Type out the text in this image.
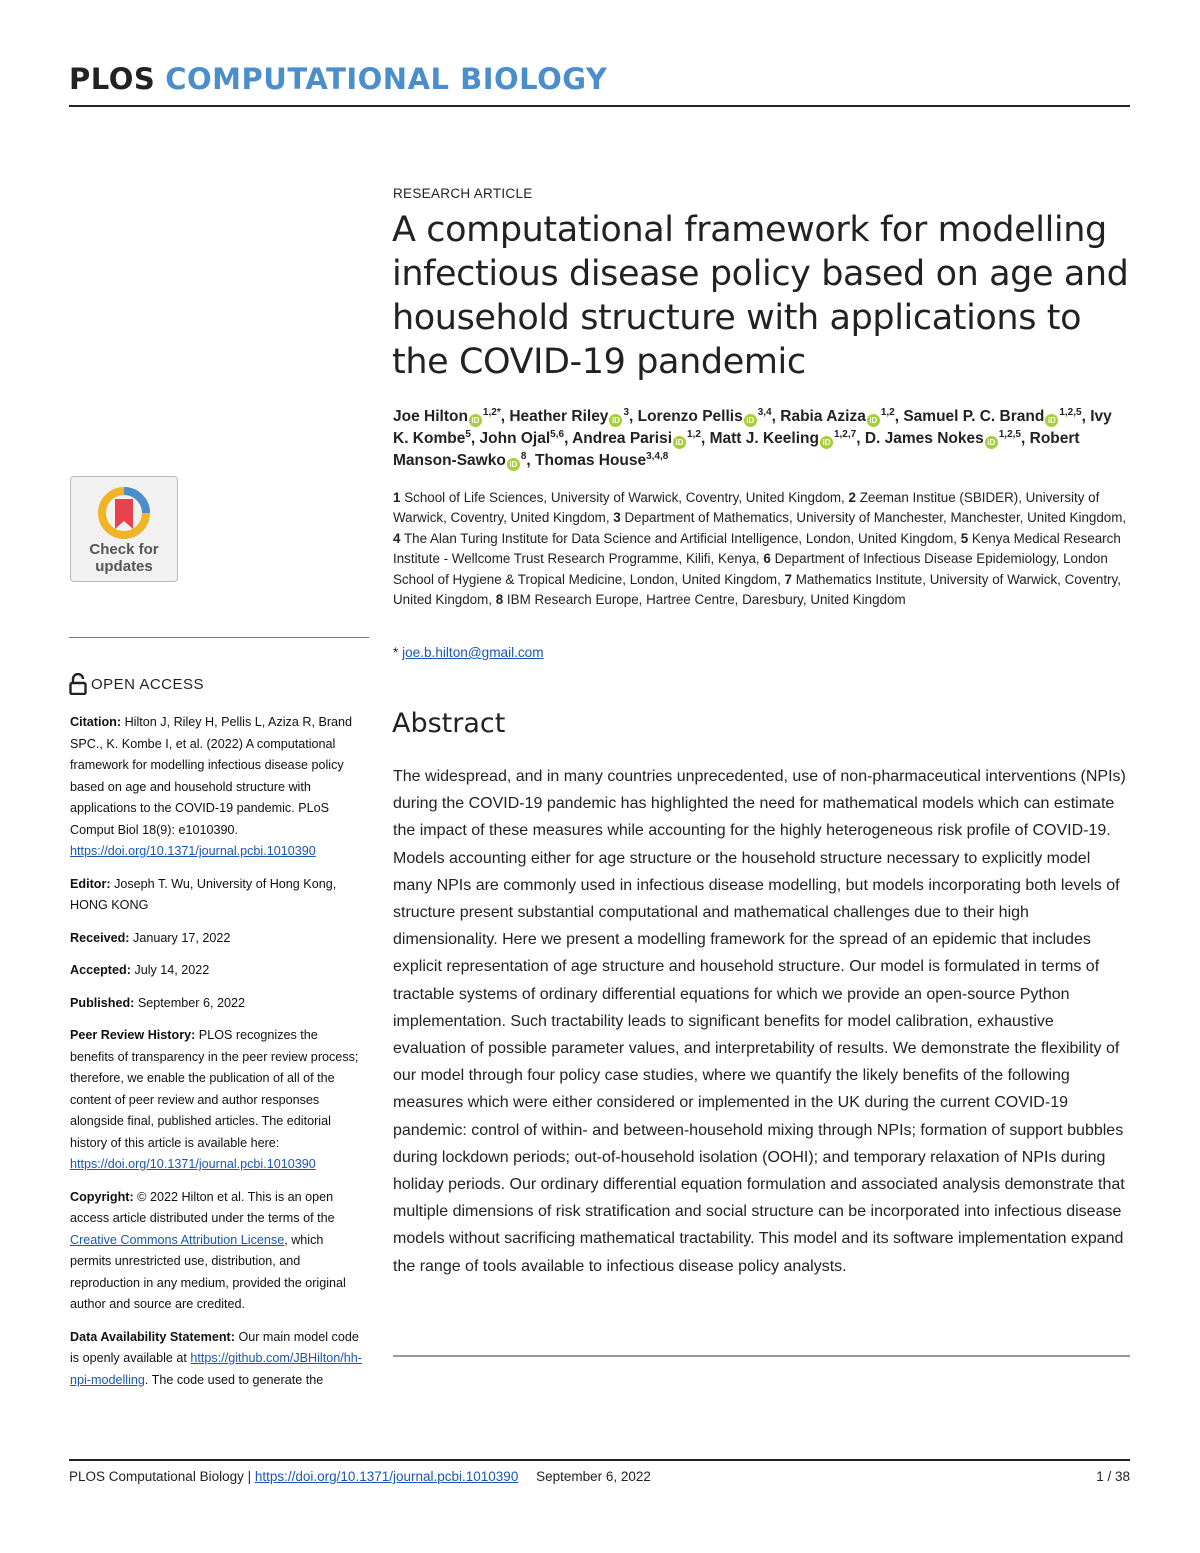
PLOS COMPUTATIONAL BIOLOGY
Check for
updates
OPEN ACCESS

Citation: Hilton J, Riley H, Pellis L, Aziza R, Brand SPC., K. Kombe I, et al. (2022) A computational framework for modelling infectious disease policy based on age and household structure with applications to the COVID-19 pandemic. PLoS Comput Biol 18(9): e1010390. https://doi.org/10.1371/journal.pcbi.1010390

Editor: Joseph T. Wu, University of Hong Kong, HONG KONG

Received: January 17, 2022

Accepted: July 14, 2022

Published: September 6, 2022

Peer Review History: PLOS recognizes the benefits of transparency in the peer review process; therefore, we enable the publication of all of the content of peer review and author responses alongside final, published articles. The editorial history of this article is available here: https://doi.org/10.1371/journal.pcbi.1010390

Copyright: © 2022 Hilton et al. This is an open access article distributed under the terms of the Creative Commons Attribution License, which permits unrestricted use, distribution, and reproduction in any medium, provided the original author and source are credited.

Data Availability Statement: Our main model code is openly available at https://github.com/JBHilton/hh-npi-modelling. The code used to generate the

RESEARCH ARTICLE
A computational framework for modelling infectious disease policy based on age and household structure with applications to the COVID-19 pandemic
Joe Hilton $iD^{1,2*}$, Heather Riley $iD^3$, Lorenzo Pellis iD$^{3,4}$, Rabia Aziza iD$^{1,2}$, Samuel P. C. Brand iD$^{1,2,5}$, Ivy K. Kombe$^5$, John Ojal$^{5,6}$, Andrea Parisi iD$^{1,2}$, Matt J. Keeling iD$^{1,2,7}$, D. James Nokes iD$^{1,2,5}$, Robert Manson-Sawko $iD^8$, Thomas House$^{3,4,8}$
1 School of Life Sciences, University of Warwick, Coventry, United Kingdom, 2 Zeeman Institue (SBIDER), University of Warwick, Coventry, United Kingdom, 3 Department of Mathematics, University of Manchester, Manchester, United Kingdom, 4 The Alan Turing Institute for Data Science and Artificial Intelligence, London, United Kingdom, 5 Kenya Medical Research Institute - Wellcome Trust Research Programme, Kilifi, Kenya, 6 Department of Infectious Disease Epidemiology, London School of Hygiene & Tropical Medicine, London, United Kingdom, 7 Mathematics Institute, University of Warwick, Coventry, United Kingdom, 8 IBM Research Europe, Hartree Centre, Daresbury, United Kingdom
* joe.b.hilton@gmail.com
Abstract

The widespread, and in many countries unprecedented, use of non-pharmaceutical interventions (NPIs) during the COVID-19 pandemic has highlighted the need for mathematical models which can estimate the impact of these measures while accounting for the highly heterogeneous risk profile of COVID-19. Models accounting either for age structure or the household structure necessary to explicitly model many NPIs are commonly used in infectious disease modelling, but models incorporating both levels of structure present substantial computational and mathematical challenges due to their high dimensionality. Here we present a modelling framework for the spread of an epidemic that includes explicit representation of age structure and household structure. Our model is formulated in terms of tractable systems of ordinary differential equations for which we provide an open-source Python implementation. Such tractability leads to significant benefits for model calibration, exhaustive evaluation of possible parameter values, and interpretability of results. We demonstrate the flexibility of our model through four policy case studies, where we quantify the likely benefits of the following measures which were either considered or implemented in the UK during the current COVID-19 pandemic: control of within- and between-household mixing through NPIs; formation of support bubbles during lockdown periods; out-of-household isolation (OOHI); and temporary relaxation of NPIs during holiday periods. Our ordinary differential equation formulation and associated analysis demonstrate that multiple dimensions of risk stratification and social structure can be incorporated into infectious disease models without sacrificing mathematical tractability. This model and its software implementation expand the range of tools available to infectious disease policy analysts.

PLOS Computational Biology | https://doi.org/10.1371/journal.pcbi.1010390 September 6, 2022	1 / 38
